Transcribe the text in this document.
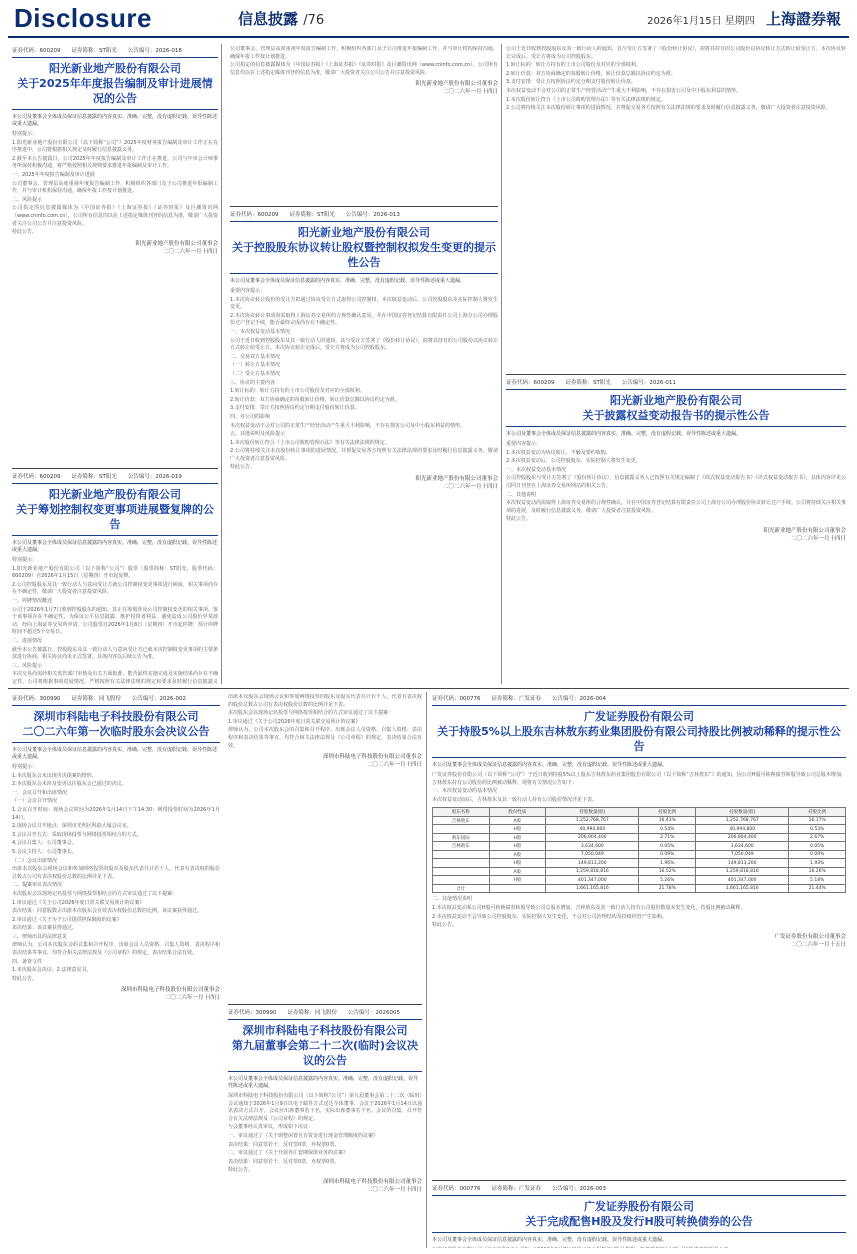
Disclosure	信息披露 /76	2026年1月15日 星期四 上海證券報
证券代码：600209　　证券简称：ST阳光　　公告编号：2026-018
阳光新业地产股份有限公司
关于2025年年度报告编制及审计进展情况的公告
本公司及董事会全体成员保证信息披露的内容真实、准确、完整，没有虚假记载、误导性陈述或重大遗漏。

特别提示：

1.阳光新业地产股份有限公司（以下简称“公司”）2025年度财务报告编制及审计工作正在有序推进中，公司将根据相关规定及时履行信息披露义务。

2.截至本公告披露日，公司2025年年度报告编制及审计工作正在推进，公司与年审会计师事务所保持积极沟通，将严格按照相关规则要求推进年报编制及审计工作。

一、2025年年度报告编制及审计进展

公司董事会、管理层高度重视年度报告编制工作，积极组织各部门及子公司推进年报编制工作，并与审计机构保持沟通，确保年报工作按计划推进。

二、风险提示

公司指定的信息披露媒体为《中国证券报》《上海证券报》《证券时报》及巨潮资讯网（www.cninfo.com.cn），公司所有信息均以在上述指定媒体刊登的信息为准，敬请广大投资者关注公司公告并注意投资风险。

特此公告。

阳光新业地产股份有限公司董事会
二〇二六年一月十四日
证券代码：600209　　证券简称：ST阳光　　公告编号：2026-019
阳光新业地产股份有限公司
关于筹划控制权变更事项进展暨复牌的公告
本公司及董事会全体成员保证信息披露的内容真实、准确、完整，没有虚假记载、误导性陈述或重大遗漏。

特别提示：

1.阳光新业地产股份有限公司（以下简称“公司”）股票（股票简称：ST阳光，股票代码：600209）自2026年1月15日（星期四）开市起复牌。

2.公司控股股东及其一致行动人与意向受让方就公司控制权变更事项进行磋商，相关事项尚存在不确定性，敬请广大投资者注意投资风险。

一、停牌情况概述

公司于2026年1月7日收到控股股东的通知，其正在筹划涉及公司控制权变更的相关事项。鉴于该事项存在不确定性，为保证公平信息披露，维护投资者利益，避免造成公司股价异常波动，经向上海证券交易所申请，公司股票自2026年1月8日（星期四）开市起停牌，预计停牌时间不超过5个交易日。

二、进展情况

截至本公告披露日，控股股东及其一致行动人与意向受让方已就本次控制权变更事项的主要条款进行协商，相关协议尚未正式签署，具体内容以后续公告为准。

三、风险提示

本次交易尚需经相关监管部门审核及有关方面批准，能否最终实施完成及实施结果尚存在不确定性，公司将根据事项进展情况，严格按照有关法律法规的规定和要求及时履行信息披露义

证券代码：600209　　证券简称：ST阳光　　公告编号：2026-013
阳光新业地产股份有限公司
关于控股股东协议转让股权暨控制权拟发生变更的提示性公告
本公司及董事会全体成员保证信息披露的内容真实、准确、完整，没有虚假记载、误导性陈述或重大遗漏。

重要内容提示：

1.本次协议转让股份的受让方拟通过协议受让方式取得公司控制权，本次权益变动后，公司控股股东及实际控制人将发生变更。

2.本次协议转让事项尚需取得上海证券交易所的合规性确认意见，并在中国证券登记结算有限责任公司上海分公司办理股份过户登记手续，能否最终完成尚存在不确定性。

一、本次权益变动基本情况

公司于近日收到控股股东及其一致行动人的通知，其与受让方签署了《股份转让协议》，拟将其持有的公司股份以协议转让方式转让给受让方。本次协议转让完成后，受让方将成为公司控股股东。

二、交易双方基本情况

（一）转让方基本情况

（二）受让方基本情况

三、协议的主要内容

1.转让标的：转让方持有的上市公司股份及对应的全部权利。

2.转让价款：双方协商确定的每股转让价格，转让价款总额以协议约定为准。

3.支付安排：受让方按照协议约定分期支付股份转让价款。

四、对公司的影响

本次权益变动不会对公司的正常生产经营活动产生重大不利影响，不存在损害公司及中小股东利益的情形。

五、其他说明及风险提示

1.本次股份转让符合《上市公司收购管理办法》等有关法律法规的规定。

2.公司将持续关注本次股份转让事项的进展情况，并督促交易各方按照有关法律法规的要求及时履行信息披露义务，敬请广大投资者注意投资风险。

特此公告。

阳光新业地产股份有限公司董事会
二〇二六年一月十四日
证券代码：600209　　证券简称：ST阳光　　公告编号：2026-011
阳光新业地产股份有限公司
关于披露权益变动报告书的提示性公告
本公司及董事会全体成员保证信息披露的内容真实、准确、完整，没有虚假记载、误导性陈述或重大遗漏。

重要内容提示：

1.本次权益变动为协议转让，不触及要约收购。

2.本次权益变动后，公司控股股东、实际控制人将发生变更。

一、本次权益变动基本情况

公司控股股东与受让方签署了《股份转让协议》，信息披露义务人已按照有关规定编制了《简式权益变动报告书》《详式权益变动报告书》，具体内容详见公司同日刊登在上海证券交易所网站的相关公告。

二、其他说明

本次权益变动尚需取得上海证券交易所的合规性确认，并在中国证券登记结算有限责任公司上海分公司办理股份协议转让过户手续。公司将持续关注相关事项的进展，及时履行信息披露义务，敬请广大投资者注意投资风险。

特此公告。

阳光新业地产股份有限公司董事会
二〇二六年一月十四日

公司于近日收到控股股东及其一致行动人的通知，其与受让方签署了《股份转让协议》，拟将其持有的公司股份以协议转让方式转让给受让方。本次协议转让完成后，受让方将成为公司控股股东。

1.转让标的：转让方持有的上市公司股份及对应的全部权利。

2.转让价款：双方协商确定的每股转让价格，转让价款总额以协议约定为准。

3.支付安排：受让方按照协议约定分期支付股份转让价款。

本次权益变动不会对公司的正常生产经营活动产生重大不利影响，不存在损害公司及中小股东利益的情形。

1.本次股份转让符合《上市公司收购管理办法》等有关法律法规的规定。

2.公司将持续关注本次股份转让事项的进展情况，并督促交易各方按照有关法律法规的要求及时履行信息披露义务，敬请广大投资者注意投资风险。

公司董事会、管理层高度重视年度报告编制工作，积极组织各部门及子公司推进年报编制工作，并与审计机构保持沟通，确保年报工作按计划推进。

公司指定的信息披露媒体为《中国证券报》《上海证券报》《证券时报》及巨潮资讯网（www.cninfo.com.cn），公司所有信息均以在上述指定媒体刊登的信息为准，敬请广大投资者关注公司公告并注意投资风险。

阳光新业地产股份有限公司董事会
二〇二六年一月十四日
证券代码：300990　　证券简称：同飞股份　　公告编号：2026-002
深圳市科陆电子科技股份有限公司
二〇二六年第一次临时股东会决议公告
本公司及董事会全体成员保证信息披露的内容真实、准确、完整，没有虚假记载、误导性陈述或重大遗漏。

特别提示：

1.本次股东会未出现否决提案的情形。

2.本次股东会未涉及变更以往股东会已通过的决议。

一、会议召开和出席情况

（一）会议召开情况

1.会议召开时间：现场会议时间为2026年1月14日下午14:30；网络投票时间为2026年1月14日。

2.现场会议召开地点：深圳市光明区科陆大厦会议室。

3.会议召开方式：采取现场投票与网络投票相结合的方式。

4.会议召集人：公司董事会。

5.会议主持人：公司董事长。

（二）会议出席情况

出席本次股东会现场会议和参加网络投票的股东及股东代表共计若干人，代表有表决权的股份总数占公司有表决权股份总数的比例详见下表。

二、提案审议表决情况

本次股东会以现场记名投票与网络投票相结合的方式审议通过了以下提案：

1.审议通过《关于公司2026年度日常关联交易预计的议案》

表决结果：同意股数占出席本次股东会有效表决权股份总数的比例，该议案获得通过。

2.审议通过《关于为子公司提供担保额度的议案》

表决结果：该议案获得通过。

三、律师出具的法律意见

律师认为，公司本次股东会的召集和召开程序、出席会议人员资格、召集人资格、表决程序和表决结果等事宜，均符合相关法律法规及《公司章程》的规定，表决结果合法有效。

四、备查文件

1.本次股东会决议；2.法律意见书。

特此公告。

深圳市科陆电子科技股份有限公司董事会
二〇二六年一月十四日

出席本次股东会现场会议和参加网络投票的股东及股东代表共计若干人，代表有表决权的股份总数占公司有表决权股份总数的比例详见下表。

本次股东会以现场记名投票与网络投票相结合的方式审议通过了以下提案：

1.审议通过《关于公司2026年度日常关联交易预计的议案》

律师认为，公司本次股东会的召集和召开程序、出席会议人员资格、召集人资格、表决程序和表决结果等事宜，均符合相关法律法规及《公司章程》的规定，表决结果合法有效。

深圳市科陆电子科技股份有限公司董事会
二〇二六年一月十四日
证券代码：300990　　证券简称：同飞股份　　公告编号：2026005
深圳市科陆电子科技股份有限公司
第九届董事会第二十二次(临时)会议决议的公告
本公司及董事会全体成员保证信息披露的内容真实、准确、完整，没有虚假记载、误导性陈述或重大遗漏。

深圳市科陆电子科技股份有限公司（以下简称“公司”）第九届董事会第二十二次（临时）会议通知于2026年1月9日以电子邮件方式送达全体董事，会议于2026年1月14日以通讯表决方式召开。会议应出席董事若干名，实际出席董事若干名。会议的召集、召开符合有关法律法规及《公司章程》的规定。

与会董事经认真审议，形成如下决议：

一、审议通过了《关于调整闲置自有资金进行现金管理额度的议案》

表决结果：同意票若干，反对票0票，弃权票0票。

二、审议通过了《关于开展外汇套期保值业务的议案》

表决结果：同意票若干，反对票0票，弃权票0票。

特此公告。

深圳市科陆电子科技股份有限公司董事会
二〇二六年一月十四日
证券代码：000776　　证券简称：广发证券　　公告编号：2026-004
广发证券股份有限公司
关于持股5%以上股东吉林敖东药业集团股份有限公司持股比例被动稀释的提示性公告
本公司及董事会全体成员保证信息披露的内容真实、准确、完整，没有虚假记载、误导性陈述或重大遗漏。

广发证券股份有限公司（以下简称“公司”）于近日收到持股5%以上股东吉林敖东药业集团股份有限公司（以下简称“吉林敖东”）的通知，因公司H股可转换债券转股导致公司总股本增加，吉林敖东持有公司股份的比例被动稀释。现将有关情况公告如下：

一、本次权益变动的基本情况

本次权益变动前后，吉林敖东及其一致行动人持有公司股份情况详见下表。

股东名称	股份性质	持股数量(股)	持股比例	持股数量(股)	持股比例
吉林敖东	A股	1,252,768,767	16.43%	1,252,768,767	16.17%
	H股	40,994,800	0.54%	40,994,800	0.53%
敖东国际	H股	206,904,400	2.71%	206,904,400	2.67%
吉林敖东	H股	3,634,600	0.05%	3,634,600	0.05%
	A股	7,050,049	0.09%	7,050,049	0.09%
	H股	149,813,200	1.96%	149,813,200	1.93%
	A股	1,259,818,816	16.52%	1,259,818,816	16.26%
	H股	401,347,000	5.26%	401,347,000	5.18%
合计		1,661,165,816	21.78%	1,661,165,816	21.44%

二、其他情况说明

1.本次权益变动系公司H股可转换债券转股导致公司总股本增加，吉林敖东及其一致行动人持有公司股份数量未发生变化，持股比例被动稀释。

2.本次权益变动不会导致公司控股股东、实际控制人发生变化，不会对公司治理结构及持续经营产生影响。

特此公告。

广发证券股份有限公司董事会
二〇二六年一月十五日
证券代码：000776　　证券简称：广发证券　　公告编号：2026-003
广发证券股份有限公司
关于完成配售H股及发行H股可转换债券的公告
本公司及董事会全体成员保证信息披露的内容真实、准确、完整，没有虚假记载、误导性陈述或重大遗漏。
